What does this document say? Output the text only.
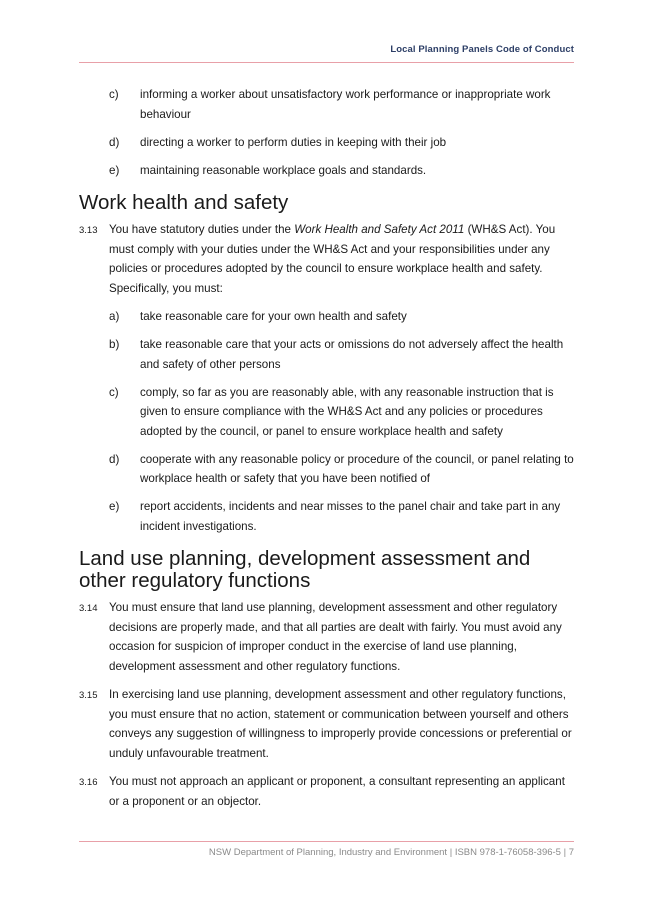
Local Planning Panels Code of Conduct
c)	informing a worker about unsatisfactory work performance or inappropriate work behaviour
d)	directing a worker to perform duties in keeping with their job
e)	maintaining reasonable workplace goals and standards.
Work health and safety
3.13 You have statutory duties under the Work Health and Safety Act 2011 (WH&S Act). You must comply with your duties under the WH&S Act and your responsibilities under any policies or procedures adopted by the council to ensure workplace health and safety. Specifically, you must:
a)	take reasonable care for your own health and safety
b)	take reasonable care that your acts or omissions do not adversely affect the health and safety of other persons
c)	comply, so far as you are reasonably able, with any reasonable instruction that is given to ensure compliance with the WH&S Act and any policies or procedures adopted by the council, or panel to ensure workplace health and safety
d)	cooperate with any reasonable policy or procedure of the council, or panel relating to workplace health or safety that you have been notified of
e)	report accidents, incidents and near misses to the panel chair and take part in any incident investigations.
Land use planning, development assessment and other regulatory functions
3.14 You must ensure that land use planning, development assessment and other regulatory decisions are properly made, and that all parties are dealt with fairly. You must avoid any occasion for suspicion of improper conduct in the exercise of land use planning, development assessment and other regulatory functions.
3.15 In exercising land use planning, development assessment and other regulatory functions, you must ensure that no action, statement or communication between yourself and others conveys any suggestion of willingness to improperly provide concessions or preferential or unduly unfavourable treatment.
3.16 You must not approach an applicant or proponent, a consultant representing an applicant or a proponent or an objector.
NSW Department of Planning, Industry and Environment | ISBN 978-1-76058-396-5 | 7
